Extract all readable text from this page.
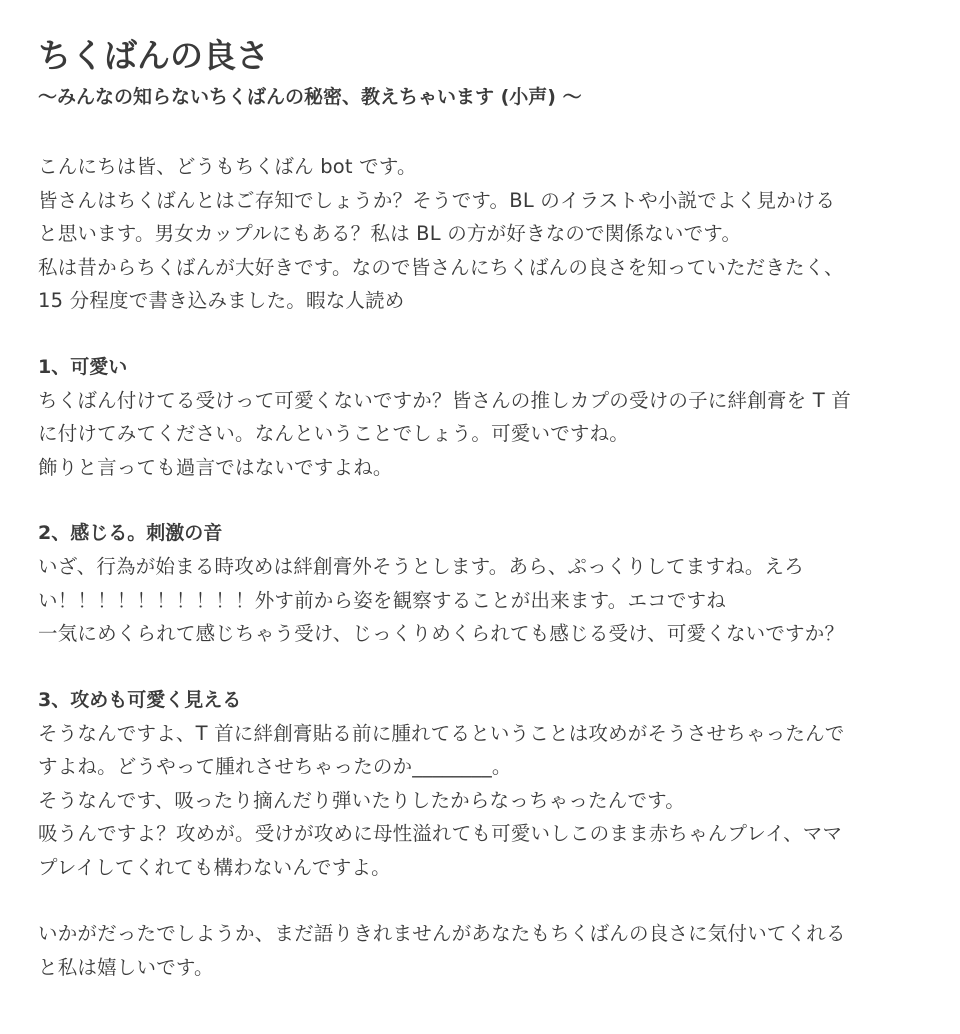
ちくばんの良さ
〜みんなの知らないちくばんの秘密、教えちゃいます (小声) 〜
こんにちは皆、どうもちくばん bot です。
皆さんはちくばんとはご存知でしょうか？そうです。BL のイラストや小説でよく見かける
と思います。男女カップルにもある？私は BL の方が好きなので関係ないです。
私は昔からちくばんが大好きです。なので皆さんにちくばんの良さを知っていただきたく、
15 分程度で書き込みました。暇な人読め
1、可愛い
ちくばん付けてる受けって可愛くないですか？皆さんの推しカプの受けの子に絆創膏を T 首
に付けてみてください。なんということでしょう。可愛いですね。
飾りと言っても過言ではないですよね。
2、感じる。刺激の音
いざ、行為が始まる時攻めは絆創膏外そうとします。あら、ぷっくりしてますね。えろ
い！！！！！！！！！！外す前から姿を観察することが出来ます。エコですね
一気にめくられて感じちゃう受け、じっくりめくられても感じる受け、可愛くないですか？
3、攻めも可愛く見える
そうなんですよ、T 首に絆創膏貼る前に腫れてるということは攻めがそうさせちゃったんで
すよね。どうやって腫れさせちゃったのか________。
そうなんです、吸ったり摘んだり弾いたりしたからなっちゃったんです。
吸うんですよ？攻めが。受けが攻めに母性溢れても可愛いしこのまま赤ちゃんプレイ、ママ
プレイしてくれても構わないんですよ。
いかがだったでしようか、まだ語りきれませんがあなたもちくばんの良さに気付いてくれる
と私は嬉しいです。
